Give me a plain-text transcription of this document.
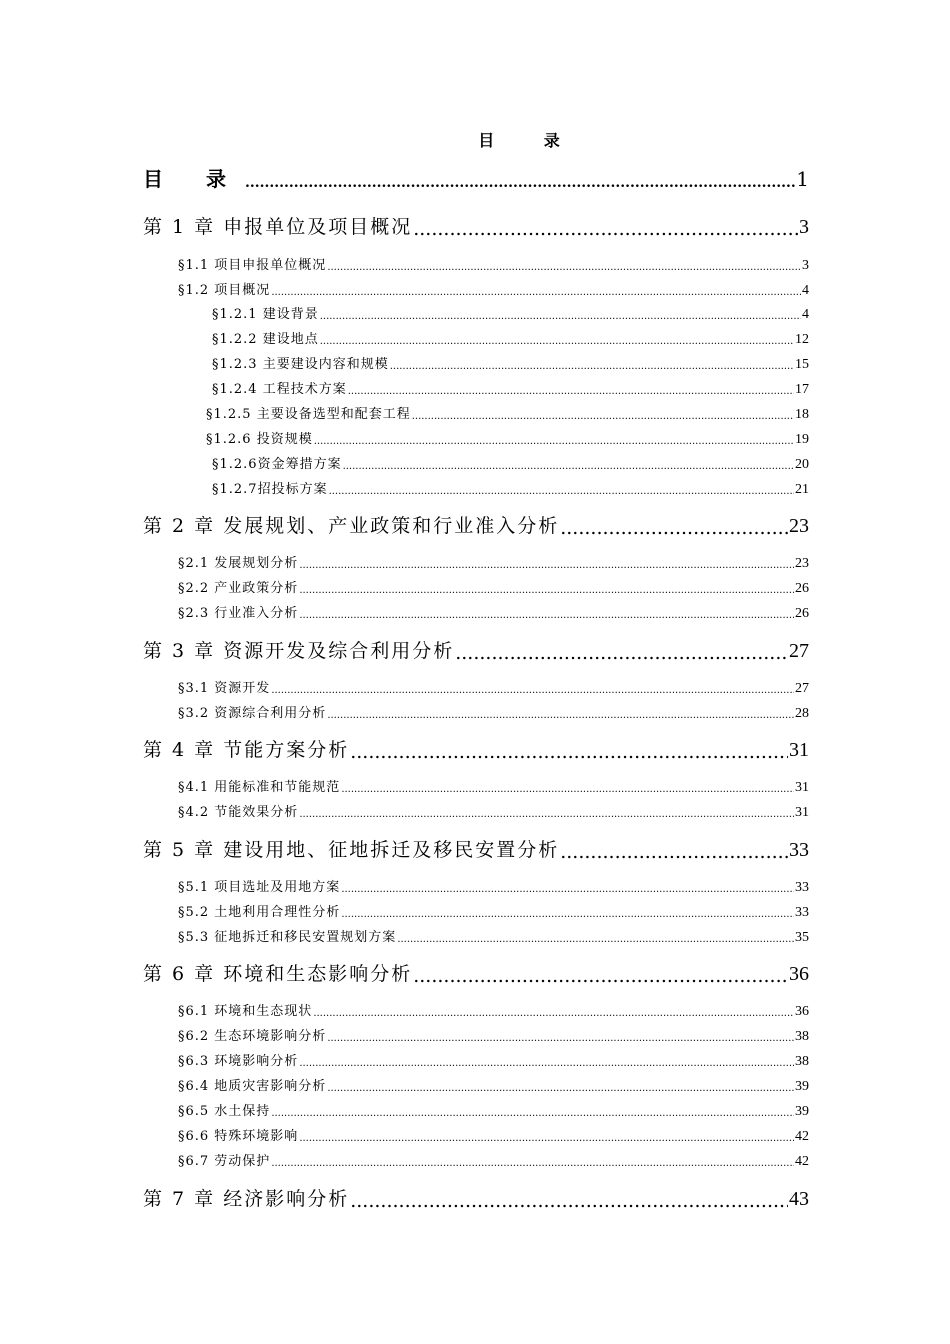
目 录
目 录 .....	1
第 1 章 申报单位及项目概况 .....	3
§1.1 项目申报单位概况 .....	3
§1.2 项目概况 .....	4
§1.2.1 建设背景 .....	4
§1.2.2 建设地点 .....	12
§1.2.3 主要建设内容和规模 .....	15
§1.2.4 工程技术方案 .....	17
§1.2.5 主要设备选型和配套工程 .....	18
§1.2.6 投资规模 .....	19
§1.2.6资金筹措方案 .....	20
§1.2.7招投标方案 .....	21
第 2 章 发展规划、产业政策和行业准入分析 .....	23
§2.1 发展规划分析 .....	23
§2.2 产业政策分析 .....	26
§2.3 行业准入分析 .....	26
第 3 章 资源开发及综合利用分析 .....	27
§3.1 资源开发 .....	27
§3.2 资源综合利用分析 .....	28
第 4 章 节能方案分析 .....	31
§4.1 用能标准和节能规范 .....	31
§4.2 节能效果分析 .....	31
第 5 章 建设用地、征地拆迁及移民安置分析 .....	33
§5.1 项目选址及用地方案 .....	33
§5.2 土地利用合理性分析 .....	33
§5.3 征地拆迁和移民安置规划方案 .....	35
第 6 章 环境和生态影响分析 .....	36
§6.1 环境和生态现状 .....	36
§6.2 生态环境影响分析 .....	38
§6.3 环境影响分析 .....	38
§6.4 地质灾害影响分析 .....	39
§6.5 水土保持 .....	39
§6.6 特殊环境影响 .....	42
§6.7 劳动保护 .....	42
第 7 章 经济影响分析 .....	43
